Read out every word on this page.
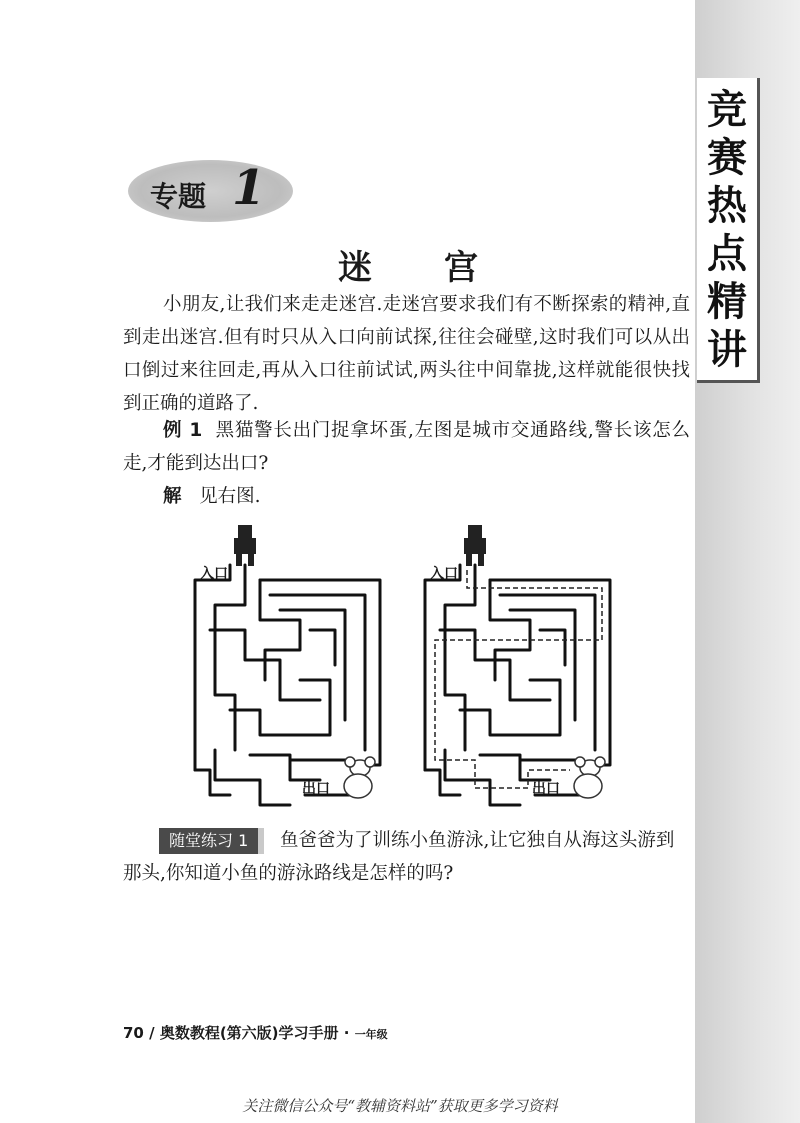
竞
赛
热
点
精
讲
专题 1
迷 宫

小朋友,让我们来走走迷宫.走迷宫要求我们有不断探索的精神,直到走出迷宫.但有时只从入口向前试探,往往会碰壁,这时我们可以从出口倒过来往回走,再从入口往前试试,两头往中间靠拢,这样就能很快找到正确的道路了.

例 1 黑猫警长出门捉拿坏蛋,左图是城市交通路线,警长该怎么走,才能到达出口?

解 见右图.

入口
出口
入口
出口

随堂练习 1 鱼爸爸为了训练小鱼游泳,让它独自从海这头游到那头,你知道小鱼的游泳路线是怎样的吗?

70 / 奥数教程(第六版)学习手册 · 一年级
关注微信公众号“教辅资料站”获取更多学习资料
